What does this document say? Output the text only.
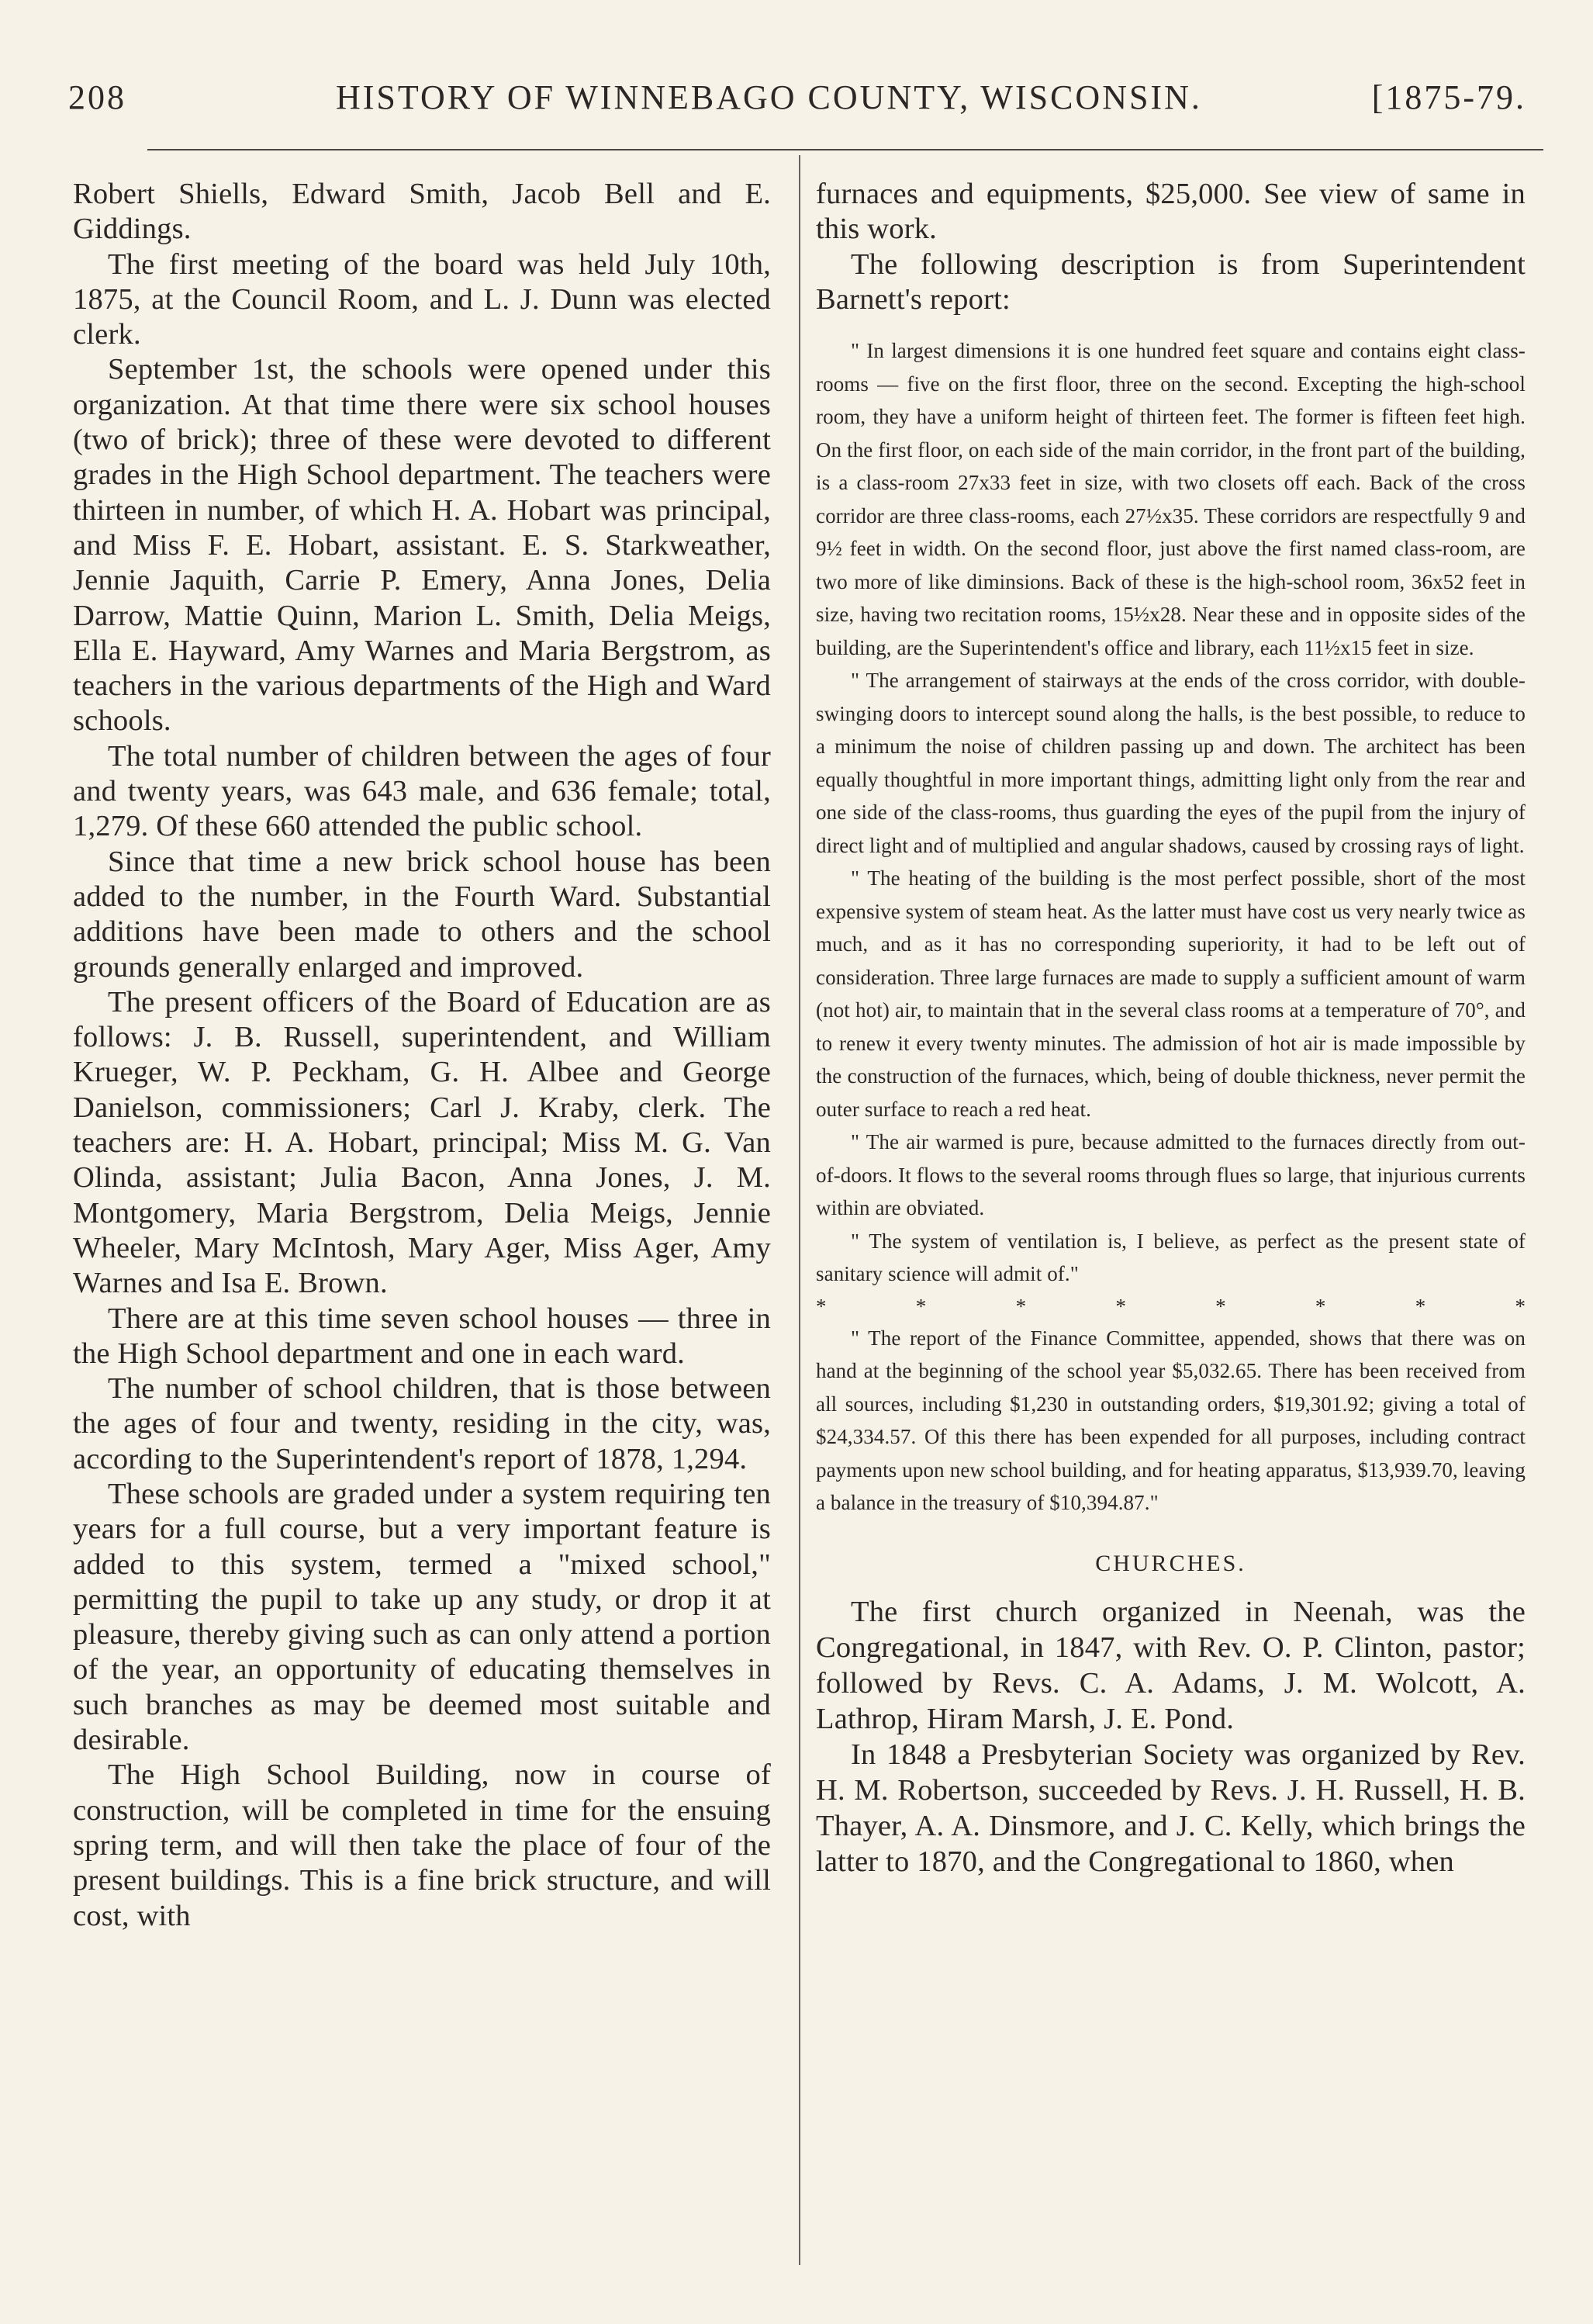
208	HISTORY OF WINNEBAGO COUNTY, WISCONSIN.	[1875-79.

Robert Shiells, Edward Smith, Jacob Bell and E. Giddings.

The first meeting of the board was held July 10th, 1875, at the Council Room, and L. J. Dunn was elected clerk.

September 1st, the schools were opened under this organization. At that time there were six school houses (two of brick); three of these were devoted to different grades in the High School department. The teachers were thirteen in number, of which H. A. Hobart was principal, and Miss F. E. Hobart, assistant. E. S. Starkweather, Jennie Jaquith, Carrie P. Emery, Anna Jones, Delia Darrow, Mattie Quinn, Marion L. Smith, Delia Meigs, Ella E. Hayward, Amy Warnes and Maria Bergstrom, as teachers in the various departments of the High and Ward schools.

The total number of children between the ages of four and twenty years, was 643 male, and 636 female; total, 1,279. Of these 660 attended the public school.

Since that time a new brick school house has been added to the number, in the Fourth Ward. Substantial additions have been made to others and the school grounds generally enlarged and improved.

The present officers of the Board of Education are as follows: J. B. Russell, superintendent, and William Krueger, W. P. Peckham, G. H. Albee and George Danielson, commissioners; Carl J. Kraby, clerk. The teachers are: H. A. Hobart, principal; Miss M. G. Van Olinda, assistant; Julia Bacon, Anna Jones, J. M. Montgomery, Maria Bergstrom, Delia Meigs, Jennie Wheeler, Mary McIntosh, Mary Ager, Miss Ager, Amy Warnes and Isa E. Brown.

There are at this time seven school houses — three in the High School department and one in each ward.

The number of school children, that is those between the ages of four and twenty, residing in the city, was, according to the Superintendent's report of 1878, 1,294.

These schools are graded under a system requiring ten years for a full course, but a very important feature is added to this system, termed a "mixed school," permitting the pupil to take up any study, or drop it at pleasure, thereby giving such as can only attend a portion of the year, an opportunity of educating themselves in such branches as may be deemed most suitable and desirable.

The High School Building, now in course of construction, will be completed in time for the ensuing spring term, and will then take the place of four of the present buildings. This is a fine brick structure, and will cost, with

furnaces and equipments, $25,000. See view of same in this work.

The following description is from Superintendent Barnett's report:

" In largest dimensions it is one hundred feet square and contains eight class-rooms — five on the first floor, three on the second. Excepting the high-school room, they have a uniform height of thirteen feet. The former is fifteen feet high. On the first floor, on each side of the main corridor, in the front part of the building, is a class-room 27x33 feet in size, with two closets off each. Back of the cross corridor are three class-rooms, each 27½x35. These corridors are respectfully 9 and 9½ feet in width. On the second floor, just above the first named class-room, are two more of like diminsions. Back of these is the high-school room, 36x52 feet in size, having two recitation rooms, 15½x28. Near these and in opposite sides of the building, are the Superintendent's office and library, each 11½x15 feet in size.

" The arrangement of stairways at the ends of the cross corridor, with double-swinging doors to intercept sound along the halls, is the best possible, to reduce to a minimum the noise of children passing up and down. The architect has been equally thoughtful in more important things, admitting light only from the rear and one side of the class-rooms, thus guarding the eyes of the pupil from the injury of direct light and of multiplied and angular shadows, caused by crossing rays of light.

" The heating of the building is the most perfect possible, short of the most expensive system of steam heat. As the latter must have cost us very nearly twice as much, and as it has no corresponding superiority, it had to be left out of consideration. Three large furnaces are made to supply a sufficient amount of warm (not hot) air, to maintain that in the several class rooms at a temperature of 70°, and to renew it every twenty minutes. The admission of hot air is made impossible by the construction of the furnaces, which, being of double thickness, never permit the outer surface to reach a red heat.

" The air warmed is pure, because admitted to the furnaces directly from out-of-doors. It flows to the several rooms through flues so large, that injurious currents within are obviated.

" The system of ventilation is, I believe, as perfect as the present state of sanitary science will admit of."

*	*	*	*	*	*	*	*

" The report of the Finance Committee, appended, shows that there was on hand at the beginning of the school year $5,032.65. There has been received from all sources, including $1,230 in outstanding orders, $19,301.92; giving a total of $24,334.57. Of this there has been expended for all purposes, including contract payments upon new school building, and for heating apparatus, $13,939.70, leaving a balance in the treasury of $10,394.87."

CHURCHES.

The first church organized in Neenah, was the Congregational, in 1847, with Rev. O. P. Clinton, pastor; followed by Revs. C. A. Adams, J. M. Wolcott, A. Lathrop, Hiram Marsh, J. E. Pond.

In 1848 a Presbyterian Society was organized by Rev. H. M. Robertson, succeeded by Revs. J. H. Russell, H. B. Thayer, A. A. Dinsmore, and J. C. Kelly, which brings the latter to 1870, and the Congregational to 1860, when
